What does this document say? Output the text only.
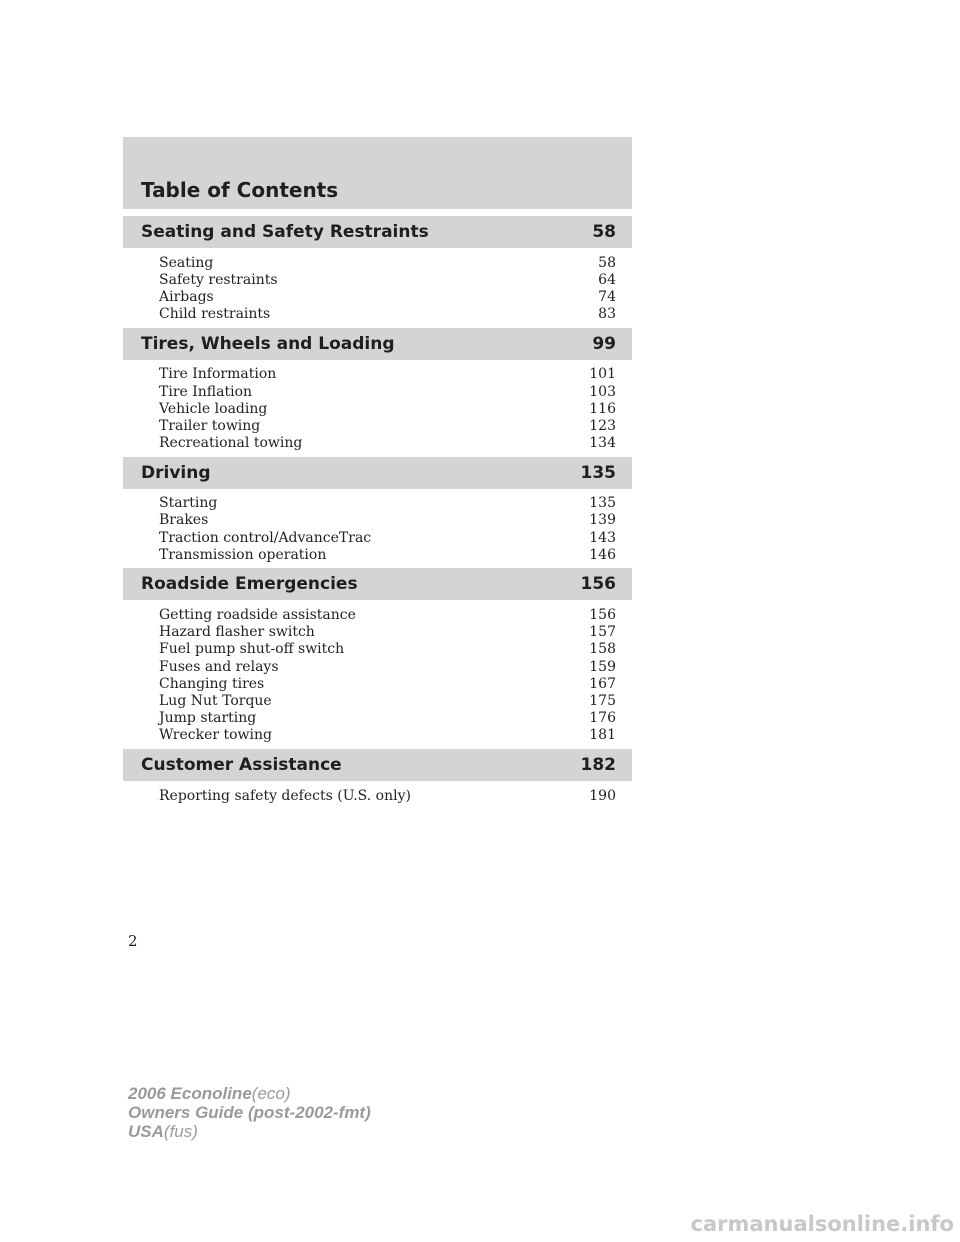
Table of Contents
Seating and Safety Restraints	58
Seating	58
Safety restraints	64
Airbags	74
Child restraints	83
Tires, Wheels and Loading	99
Tire Information	101
Tire Inflation	103
Vehicle loading	116
Trailer towing	123
Recreational towing	134
Driving	135
Starting	135
Brakes	139
Traction control/AdvanceTrac	143
Transmission operation	146
Roadside Emergencies	156
Getting roadside assistance	156
Hazard flasher switch	157
Fuel pump shut-off switch	158
Fuses and relays	159
Changing tires	167
Lug Nut Torque	175
Jump starting	176
Wrecker towing	181
Customer Assistance	182
Reporting safety defects (U.S. only)	190
2
2006 Econoline(eco)
Owners Guide (post-2002-fmt)
USA(fus)
carmanualsonline.info
